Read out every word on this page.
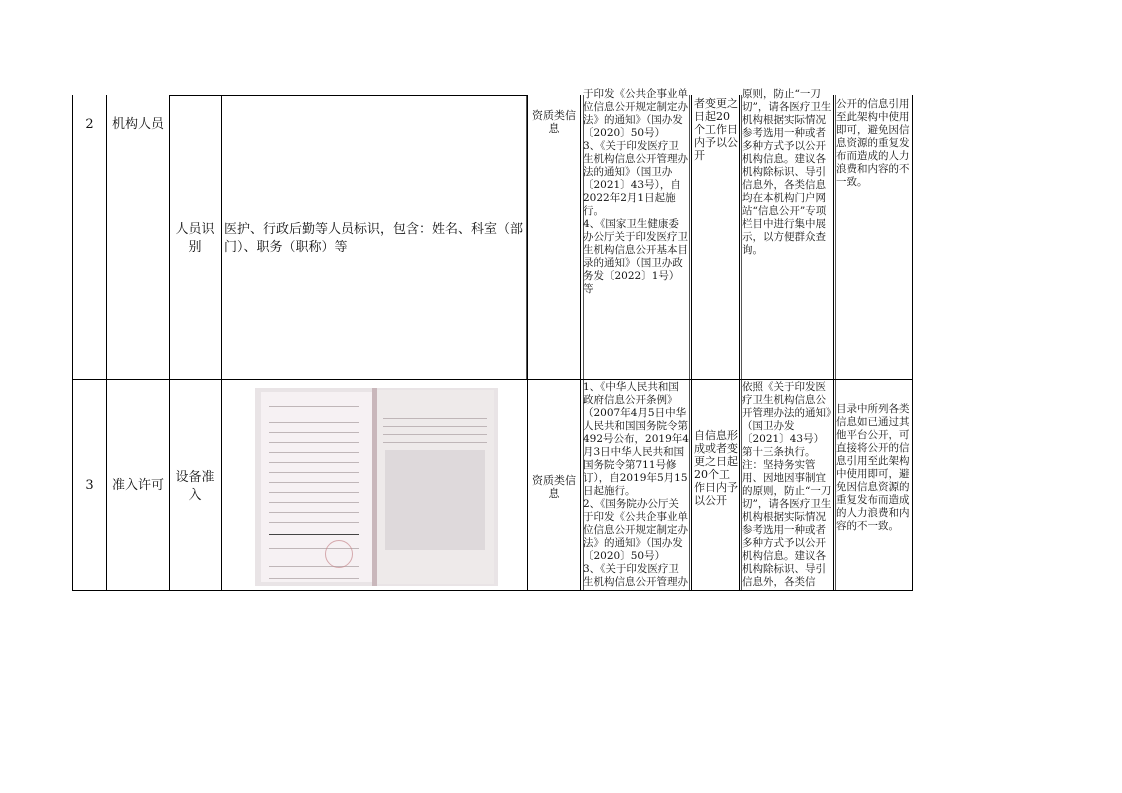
2	机构人员
人员识别
医护、行政后勤等人员标识，包含：姓名、科室（部门）、职务（职称）等
资质类信息
于印发《公共企事业单位信息公开规定制定办法》的通知》（国办发〔2020〕50号）
3、《关于印发医疗卫生机构信息公开管理办法的通知》（国卫办〔2021〕43号），自2022年2月1日起施行。
4、《国家卫生健康委办公厅关于印发医疗卫生机构信息公开基本目录的通知》（国卫办政务发〔2022〕1号）等
者变更之日起20个工作日内予以公开
原则，防止“一刀切”，请各医疗卫生机构根据实际情况参考选用一种或者多种方式予以公开机构信息。建议各机构除标识、导引信息外，各类信息均在本机构门户网站“信息公开”专项栏目中进行集中展示，以方便群众查询。
公开的信息引用至此架构中使用即可，避免因信息资源的重复发布而造成的人力浪费和内容的不一致。
3	准入许可
设备准入
资质类信息
1、《中华人民共和国政府信息公开条例》（2007年4月5日中华人民共和国国务院令第492号公布，2019年4月3日中华人民共和国国务院令第711号修订），自2019年5月15日起施行。
2、《国务院办公厅关于印发《公共企事业单位信息公开规定制定办法》的通知》（国办发〔2020〕50号）
3、《关于印发医疗卫生机构信息公开管理办
自信息形成或者变更之日起20个工作日内予以公开
依照《关于印发医疗卫生机构信息公开管理办法的通知》（国卫办发〔2021〕43号）第十三条执行。
注：坚持务实管用、因地因事制宜的原则，防止“一刀切”，请各医疗卫生机构根据实际情况参考选用一种或者多种方式予以公开机构信息。建议各机构除标识、导引信息外，各类信
目录中所列各类信息如已通过其他平台公开，可直接将公开的信息引用至此架构中使用即可，避免因信息资源的重复发布而造成的人力浪费和内容的不一致。
